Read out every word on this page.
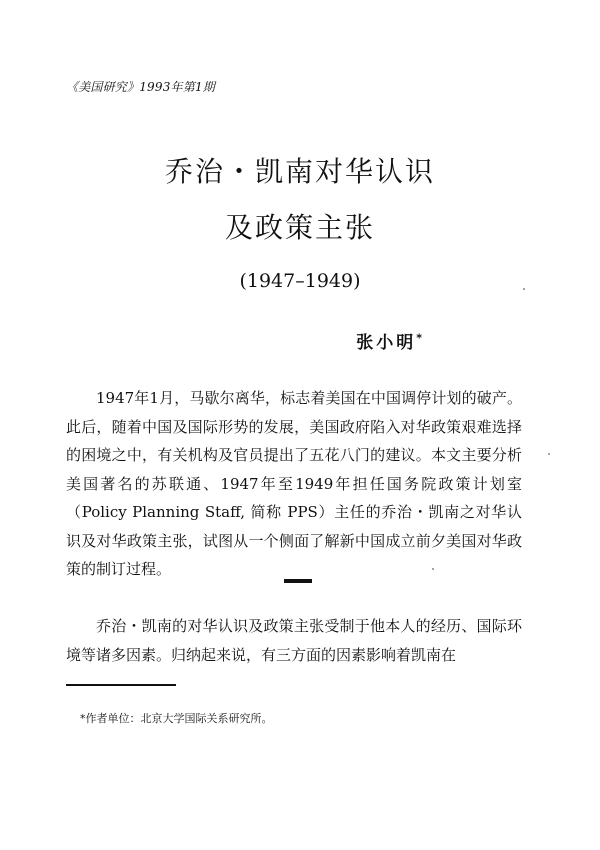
《美国研究》1993年第1期
乔治・凯南对华认识
及政策主张
(1947–1949)
张小明*

1947年1月，马歇尔离华，标志着美国在中国调停计划的破产。此后，随着中国及国际形势的发展，美国政府陷入对华政策艰难选择的困境之中，有关机构及官员提出了五花八门的建议。本文主要分析美国著名的苏联通、1947年至1949年担任国务院政策计划室（Policy Planning Staff, 简称 PPS）主任的乔治・凯南之对华认识及对华政策主张，试图从一个侧面了解新中国成立前夕美国对华政策的制订过程。

乔治・凯南的对华认识及政策主张受制于他本人的经历、国际环境等诸多因素。归纳起来说，有三方面的因素影响着凯南在

*作者单位：北京大学国际关系研究所。
